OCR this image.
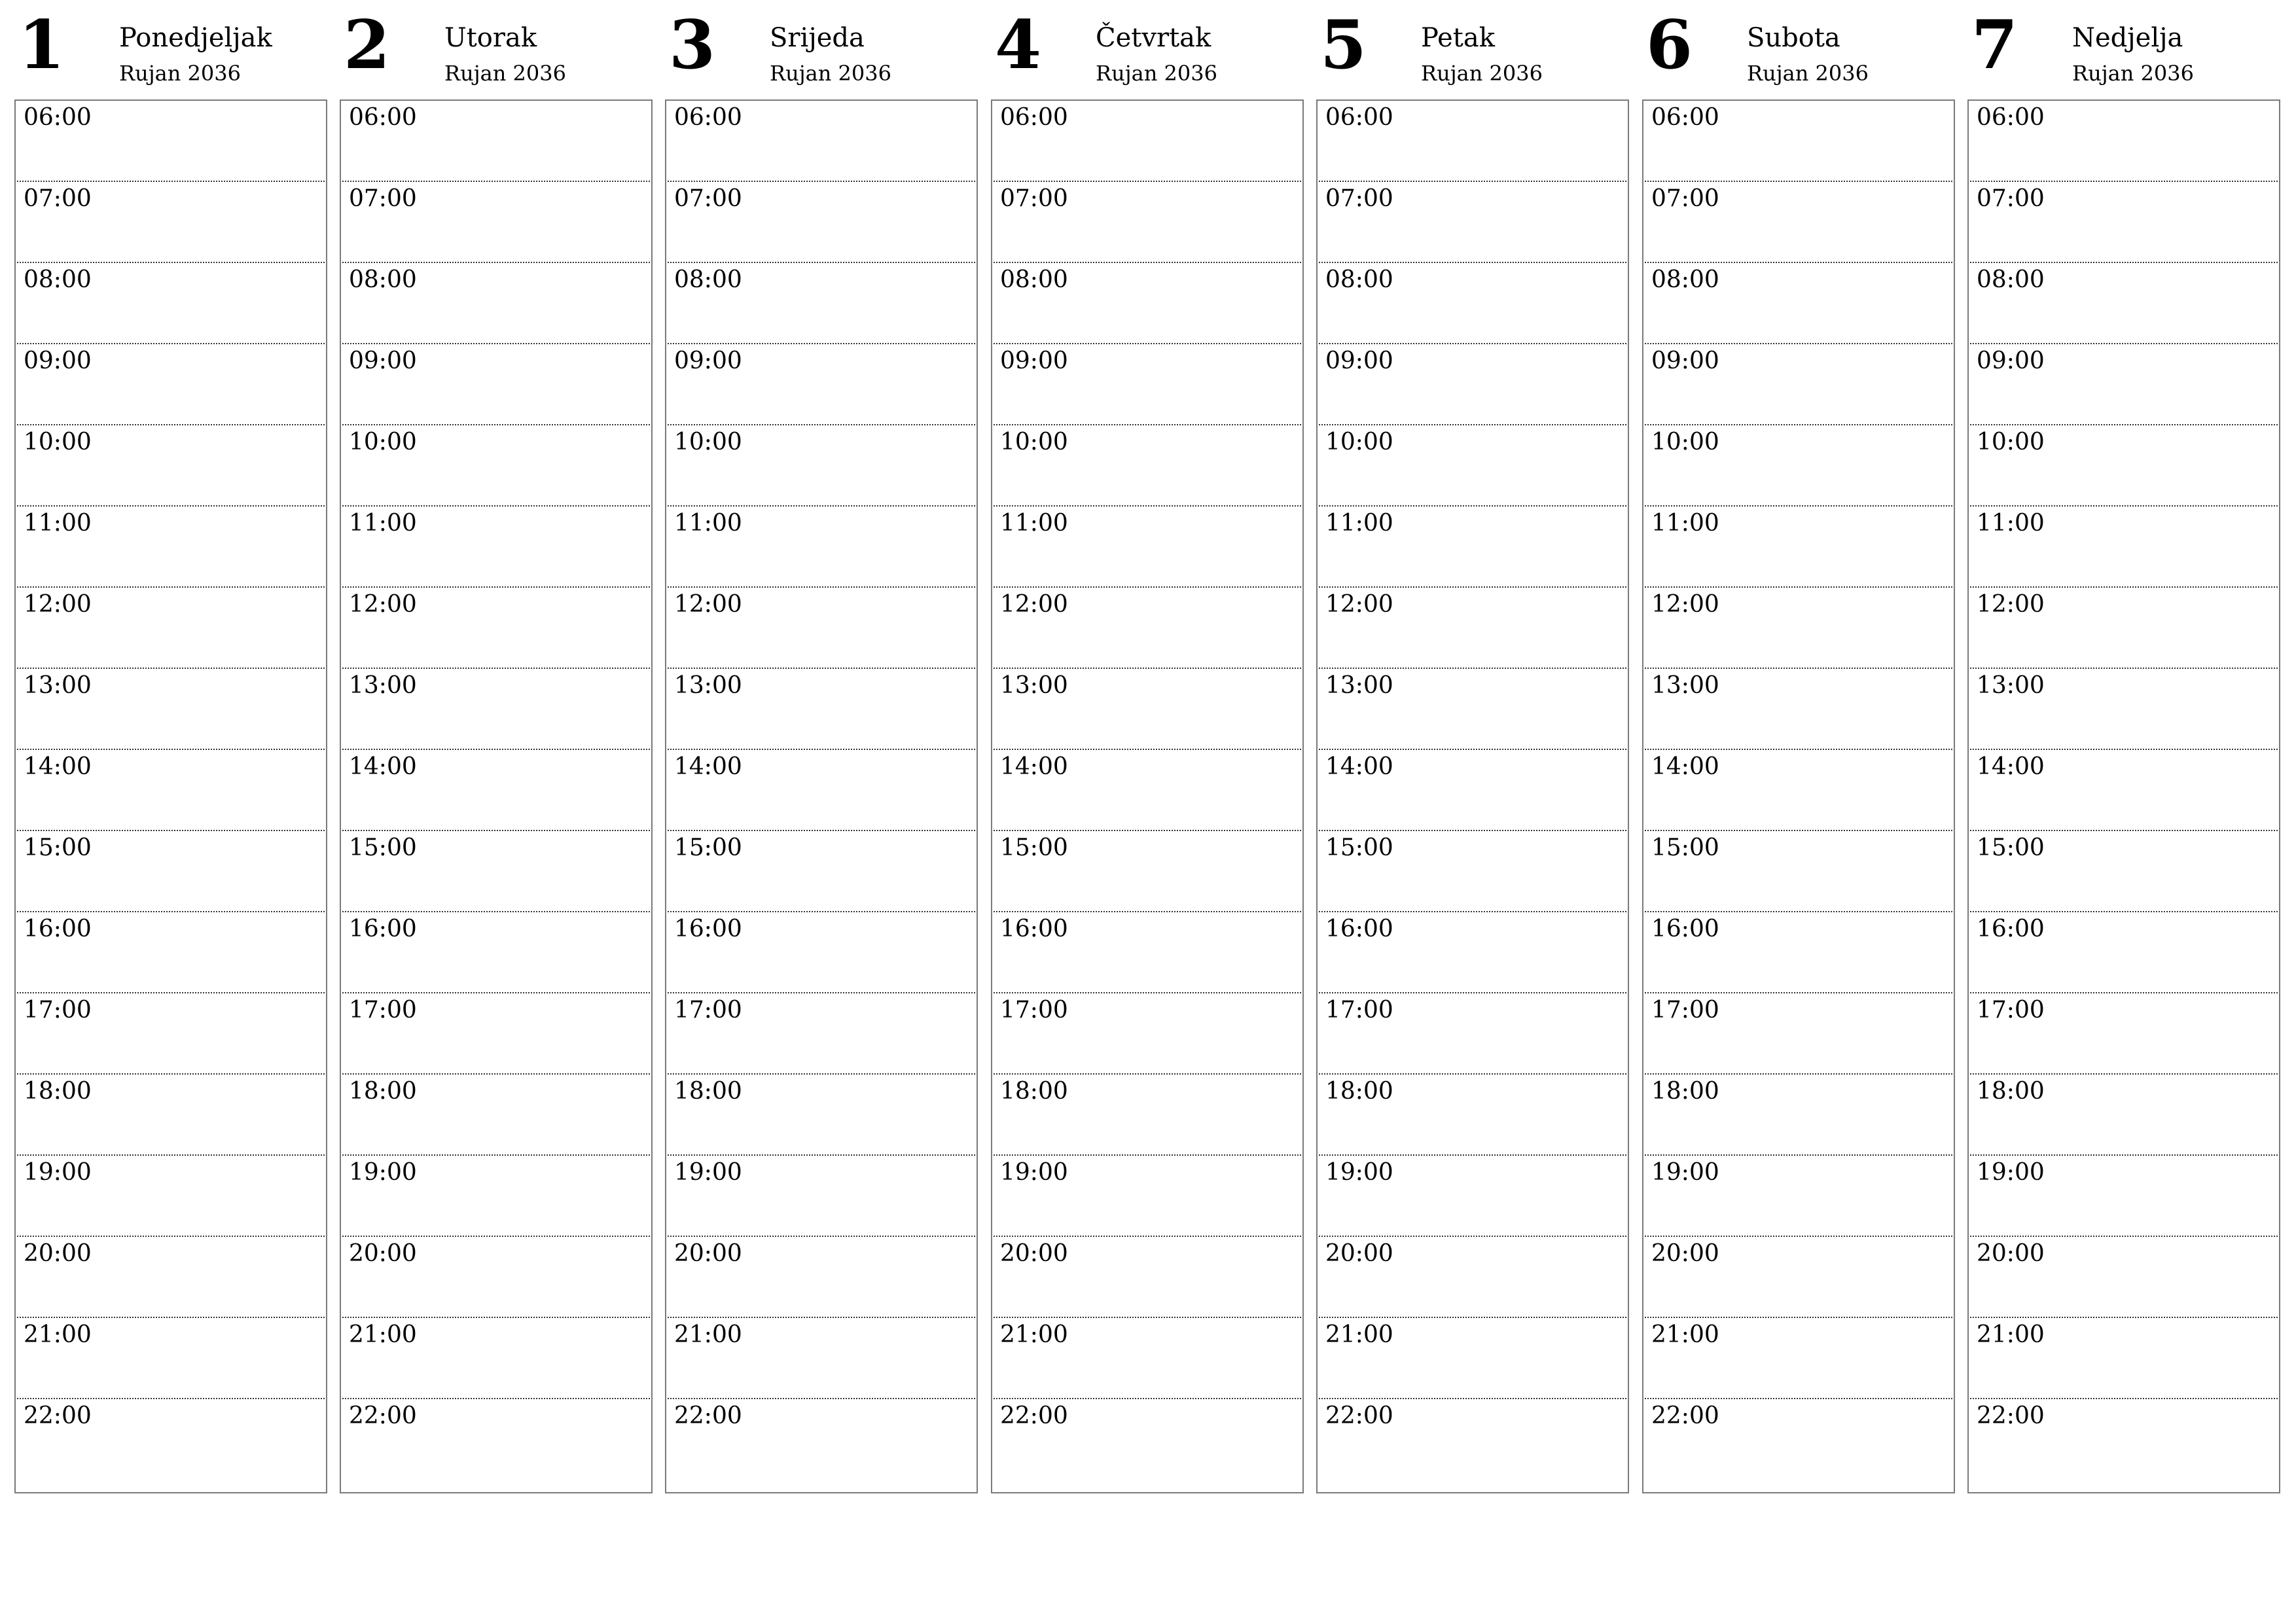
1 Ponedjeljak
Rujan 2036
06:00
07:00
08:00
09:00
10:00
11:00
12:00
13:00
14:00
15:00
16:00
17:00
18:00
19:00
20:00
21:00
22:00
2 Utorak
Rujan 2036
06:00
07:00
08:00
09:00
10:00
11:00
12:00
13:00
14:00
15:00
16:00
17:00
18:00
19:00
20:00
21:00
22:00
3 Srijeda
Rujan 2036
06:00
07:00
08:00
09:00
10:00
11:00
12:00
13:00
14:00
15:00
16:00
17:00
18:00
19:00
20:00
21:00
22:00
4 Četvrtak
Rujan 2036
06:00
07:00
08:00
09:00
10:00
11:00
12:00
13:00
14:00
15:00
16:00
17:00
18:00
19:00
20:00
21:00
22:00
5 Petak
Rujan 2036
06:00
07:00
08:00
09:00
10:00
11:00
12:00
13:00
14:00
15:00
16:00
17:00
18:00
19:00
20:00
21:00
22:00
6 Subota
Rujan 2036
06:00
07:00
08:00
09:00
10:00
11:00
12:00
13:00
14:00
15:00
16:00
17:00
18:00
19:00
20:00
21:00
22:00
7 Nedjelja
Rujan 2036
06:00
07:00
08:00
09:00
10:00
11:00
12:00
13:00
14:00
15:00
16:00
17:00
18:00
19:00
20:00
21:00
22:00
